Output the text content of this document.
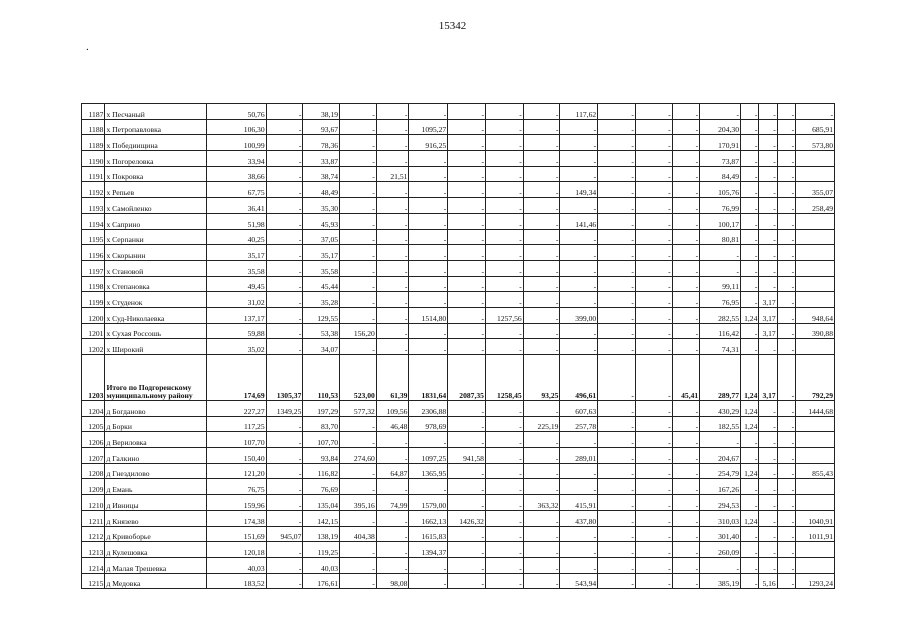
15342
.
1187	х Песчаный	50,76	-	38,19	-	-	-	-	-	-	117,62	-	-	-	-	-	-	-	-
1188	х Петропавловка	106,30	-	93,67	-	-	1095,27	-	-	-	-	-	-	-	204,30	-	-	-	685,91
1189	х Победиищина	100,99	-	78,36	-	-	916,25	-	-	-	-	-	-	-	170,91	-	-	-	573,80
1190	х Погореловка	33,94	-	33,87	-	-	-	-	-	-	-	-	-	-	73,87	-	-	-	
1191	х Покровка	38,66	-	38,74	-	21,51	-	-	-	-	-	-	-	-	84,49	-	-	-	
1192	х Репьев	67,75	-	48,49	-	-	-	-	-	-	149,34	-	-	-	105,76	-	-	-	355,07
1193	х Самойленко	36,41	-	35,30	-	-	-	-	-	-	-	-	-	-	76,99	-	-	-	258,49
1194	х Саприно	51,98	-	45,93	-	-	-	-	-	-	141,46	-	-	-	100,17	-	-	-	
1195	х Серпанки	40,25	-	37,05	-	-	-	-	-	-	-	-	-	-	80,81	-	-	-	
1196	х Скорынин	35,17	-	35,17	-	-	-	-	-	-	-	-	-	-	-	-	-	-	
1197	х Становой	35,58	-	35,58	-	-	-	-	-	-	-	-	-	-	-	-	-	-	
1198	х Степановка	49,45	-	45,44	-	-	-	-	-	-	-	-	-	-	99,11	-	-	-	
1199	х Студенок	31,02	-	35,28	-	-	-	-	-	-	-	-	-	-	76,95	-	3,17	-	
1200	х Суд-Николаевка	137,17	-	129,55	-	-	1514,80	-	1257,56	-	399,00	-	-	-	282,55	1,24	3,17	-	948,64
1201	х Сухая Россошь	59,88	-	53,38	156,20	-	-	-	-	-	-	-	-	-	116,42	-	3,17	-	390,88
1202	х Широкий	35,02	-	34,07	-	-	-	-	-	-	-	-	-	-	74,31	-	-	-	
1203	Итого по Подгоренскому муниципальному району	174,69	1305,37	110,53	523,00	61,39	1831,64	2087,35	1258,45	93,25	496,61	-	-	45,41	289,77	1,24	3,17	-	792,29
1204	д Богданово	227,27	1349,25	197,29	577,32	109,56	2306,88	-	-	-	607,63	-	-	-	430,29	1,24	-	-	1444,68
1205	д Борки	117,25	-	83,70	-	46,48	978,69	-	-	225,19	257,78	-	-	-	182,55	1,24	-	-	
1206	д Вериловка	107,70	-	107,70	-	-	-	-	-	-	-	-	-	-	-	-	-	-	
1207	д Галкино	150,40	-	93,84	274,60	-	1097,25	941,58	-	-	289,01	-	-	-	204,67	-	-	-	
1208	д Гнездилово	121,20	-	116,82	-	64,87	1365,95	-	-	-	-	-	-	-	254,79	1,24	-	-	855,43
1209	д Емань	76,75	-	76,69	-	-	-	-	-	-	-	-	-	-	167,26	-	-	-	
1210	д Ивницы	159,96	-	135,04	395,16	74,99	1579,00	-	-	363,32	415,91	-	-	-	294,53	-	-	-	
1211	д Князево	174,38	-	142,15	-	-	1662,13	1426,32	-	-	437,80	-	-	-	310,03	1,24	-	-	1040,91
1212	д Кривоборье	151,69	945,07	138,19	404,38	-	1615,83	-	-	-	-	-	-	-	301,40	-	-	-	1011,91
1213	д Кулешовка	120,18	-	119,25	-	-	1394,37	-	-	-	-	-	-	-	260,09	-	-	-	
1214	д Малая Трешевка	40,03	-	40,03	-	-	-	-	-	-	-	-	-	-	-	-	-	-	
1215	д Медовка	183,52	-	176,61	-	98,08	-	-	-	-	543,94	-	-	-	385,19	-	5,16	-	1293,24
